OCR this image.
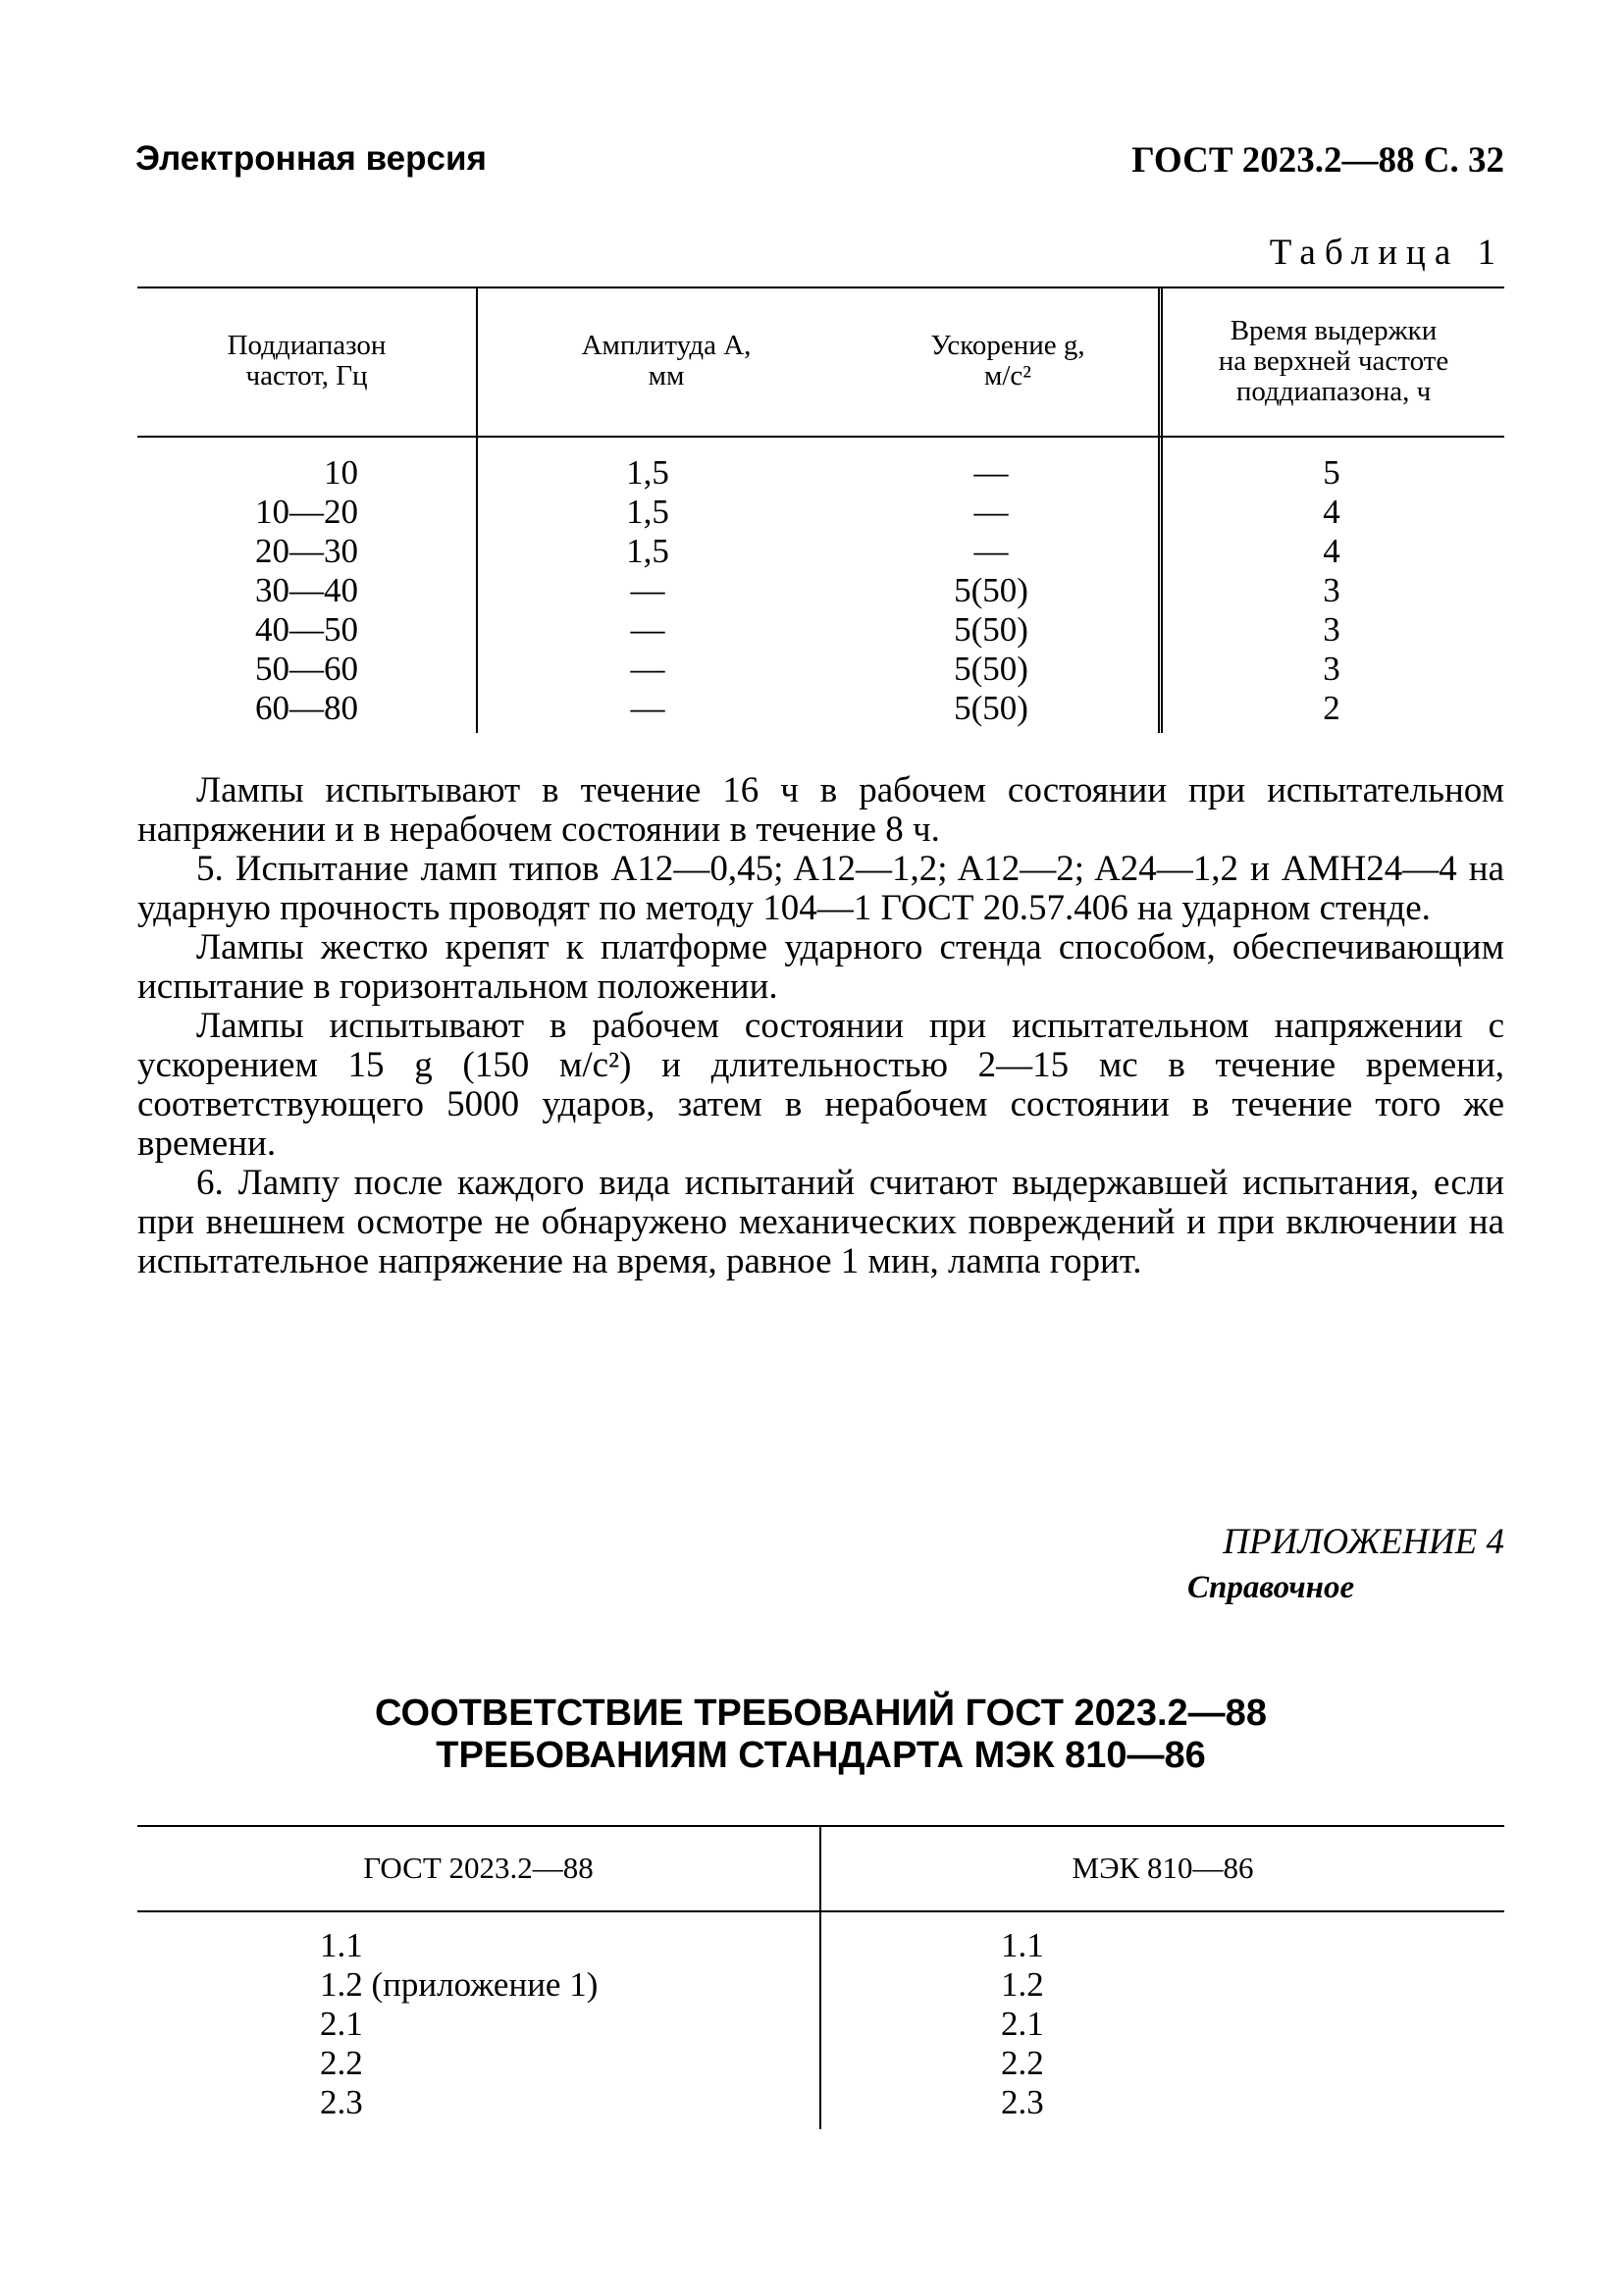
Электронная версия	ГОСТ 2023.2—88 С. 32
Таблица 1
Поддиапазон
частот, Гц
Амплитуда A,
мм
Ускорение g,
м/с²
Время выдержки
на верхней частоте
поддиапазона, ч
10
10—20
20—30
30—40
40—50
50—60
60—80
1,5
1,5
1,5
—
—
—
—
—
—
—
5(50)
5(50)
5(50)
5(50)
5
4
4
3
3
3
2

Лампы испытывают в течение 16 ч в рабочем состоянии при испытательном напряжении и в нерабочем состоянии в течение 8 ч.

5. Испытание ламп типов A12—0,45; A12—1,2; A12—2; A24—1,2 и AMH24—4 на ударную прочность проводят по методу 104—1 ГОСТ 20.57.406 на ударном стенде.

Лампы жестко крепят к платформе ударного стенда способом, обеспечивающим испытание в горизонтальном положении.

Лампы испытывают в рабочем состоянии при испытательном напряжении с ускорением 15 g (150 м/с²) и длительностью 2—15 мс в течение времени, соответствующего 5000 ударов, затем в нерабочем состоянии в течение того же времени.

6. Лампу после каждого вида испытаний считают выдержавшей испытания, если при внешнем осмотре не обнаружено механических повреждений и при включении на испытательное напряжение на время, равное 1 мин, лампа горит.

ПРИЛОЖЕНИЕ 4
Справочное
СООТВЕТСТВИЕ ТРЕБОВАНИЙ ГОСТ 2023.2—88
ТРЕБОВАНИЯМ СТАНДАРТА МЭК 810—86
ГОСТ 2023.2—88	МЭК 810—86
1.1
1.2 (приложение 1)
2.1
2.2
2.3
1.1
1.2
2.1
2.2
2.3
